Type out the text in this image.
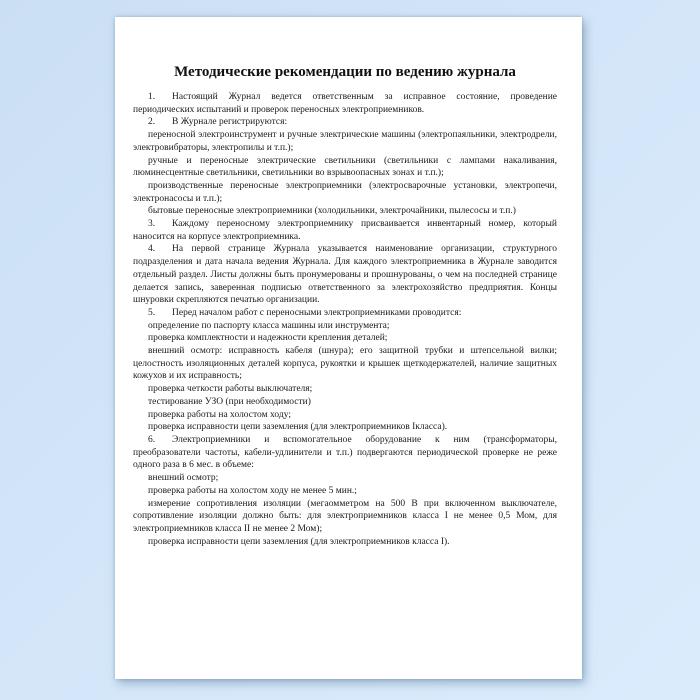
Методические рекомендации по ведению журнала

1. Настоящий Журнал ведется ответственным за исправное состояние, проведение периодических испытаний и проверок переносных электроприемников.

2. В Журнале регистрируются:

переносной электроинструмент и ручные электрические машины (электропаяльники, электродрели, электровибраторы, электропилы и т.п.);

ручные и переносные электрические светильники (светильники с лампами накаливания, люминесцентные светильники, светильники во взрывоопасных зонах и т.п.);

производственные переносные электроприемники (электросварочные установки, электропечи, электронасосы и т.п.);

бытовые переносные электроприемники (холодильники, электрочайники, пылесосы и т.п.)

3. Каждому переносному электроприемнику присваивается инвентарный номер, который наносится на корпусе электроприемника.

4. На первой странице Журнала указывается наименование организации, структурного подразделения и дата начала ведения Журнала. Для каждого электроприемника в Журнале заводится отдельный раздел. Листы должны быть пронумерованы и прошнурованы, о чем на последней странице делается запись, заверенная подписью ответственного за электрохозяйство предприятия. Концы шнуровки скрепляются печатью организации.

5. Перед началом работ с переносными электроприемниками проводится:

определение по паспорту класса машины или инструмента;

проверка комплектности и надежности крепления деталей;

внешний осмотр: исправность кабеля (шнура); его защитной трубки и штепсельной вилки; целостность изоляционных деталей корпуса, рукоятки и крышек щеткодержателей, наличие защитных кожухов и их исправность;

проверка четкости работы выключателя;

тестирование УЗО (при необходимости)

проверка работы на холостом ходу;

проверка исправности цепи заземления (для электроприемников Iкласса).

6. Электроприемники и вспомогательное оборудование к ним (трансформаторы, преобразователи частоты, кабели-удлинители и т.п.) подвергаются периодической проверке не реже одного раза в 6 мес. в объеме:

внешний осмотр;

проверка работы на холостом ходу не менее 5 мин.;

измерение сопротивления изоляции (мегаомметром на 500 В при включенном выключателе, сопротивление изоляции должно быть: для электроприемников класса I не менее 0,5 Мом, для электроприемников класса II не менее 2 Мом);

проверка исправности цепи заземления (для электроприемников класса I).
